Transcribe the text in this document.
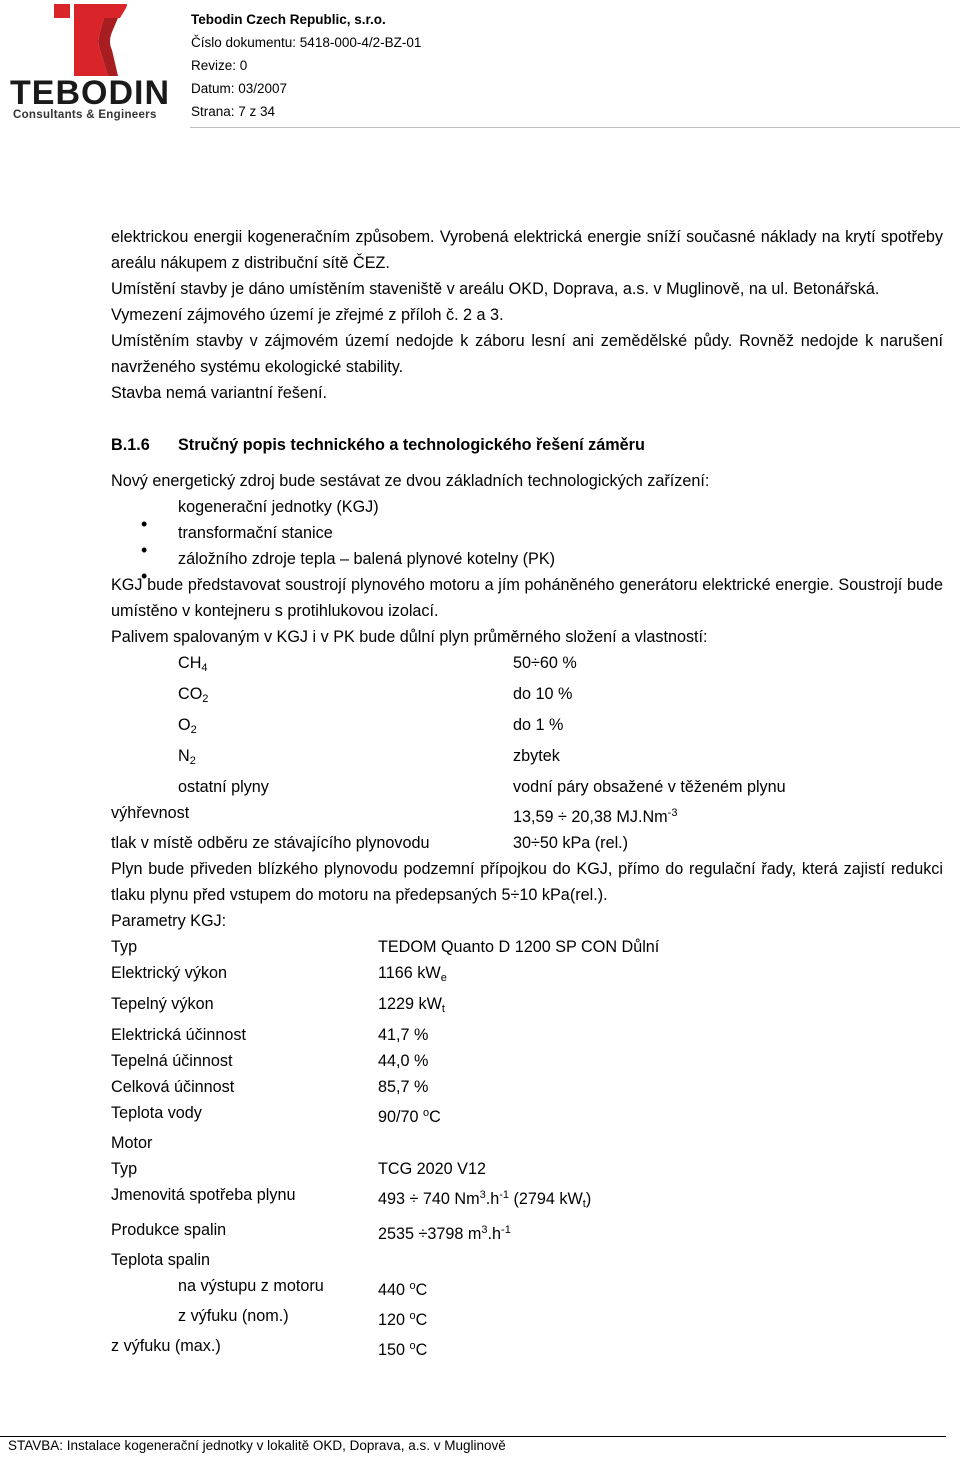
TEBODIN
Consultants & Engineers
Tebodin Czech Republic, s.r.o.
Číslo dokumentu: 5418-000-4/2-BZ-01
Revize: 0
Datum: 03/2007
Strana: 7 z 34

elektrickou energii kogeneračním způsobem. Vyrobená elektrická energie sníží současné náklady na krytí spotřeby areálu nákupem z distribuční sítě ČEZ.

Umístění stavby je dáno umístěním staveniště v areálu OKD, Doprava, a.s. v Muglinově, na ul. Betonářská.

Vymezení zájmového území je zřejmé z příloh č. 2 a 3.

Umístěním stavby v zájmovém území nedojde k záboru lesní ani zemědělské půdy. Rovněž nedojde k narušení navrženého systému ekologické stability.

Stavba nemá variantní řešení.

B.1.6	Stručný popis technického a technologického řešení záměru

Nový energetický zdroj bude sestávat ze dvou základních technologických zařízení:

kogenerační jednotky (KGJ)
transformační stanice
záložního zdroje tepla – balená plynové kotelny (PK)

KGJ bude představovat soustrojí plynového motoru a jím poháněného generátoru elektrické energie. Soustrojí bude umístěno v kontejneru s protihlukovou izolací.

Palivem spalovaným v KGJ i v PK bude důlní plyn průměrného složení a vlastností:

$CH_4$	50÷60 %
$CO_2$	do 10 %
$O_2$	do 1 %
$N_2$	zbytek
ostatní plyny	vodní páry obsažené v těženém plynu
výhřevnost	13,59 ÷ 20,38 $MJ.Nm^{-3}$
tlak v místě odběru ze stávajícího plynovodu	30÷50 kPa (rel.)

Plyn bude přiveden blízkého plynovodu podzemní přípojkou do KGJ, přímo do regulační řady, která zajistí redukci tlaku plynu před vstupem do motoru na předepsaných 5÷10 kPa(rel.).

Parametry KGJ:

Typ	TEDOM Quanto D 1200 SP CON Důlní
Elektrický výkon	1166 $kW_e$
Tepelný výkon	1229 $kW_t$
Elektrická účinnost	41,7 %
Tepelná účinnost	44,0 %
Celková účinnost	85,7 %
Teplota vody	90/70 $^o$C
Motor
Typ	TCG 2020 V12
Jmenovitá spotřeba plynu	493 ÷ 740 $Nm^3.h^{-1}$ (2794 $kW_t$)
Produkce spalin	2535 ÷3798 $m^3.h^{-1}$
Teplota spalin
na výstupu z motoru	440 $^o$C
z výfuku (nom.)	120 $^o$C
z výfuku (max.)	150 $^o$C
STAVBA: Instalace kogenerační jednotky v lokalitě OKD, Doprava, a.s. v Muglinově
